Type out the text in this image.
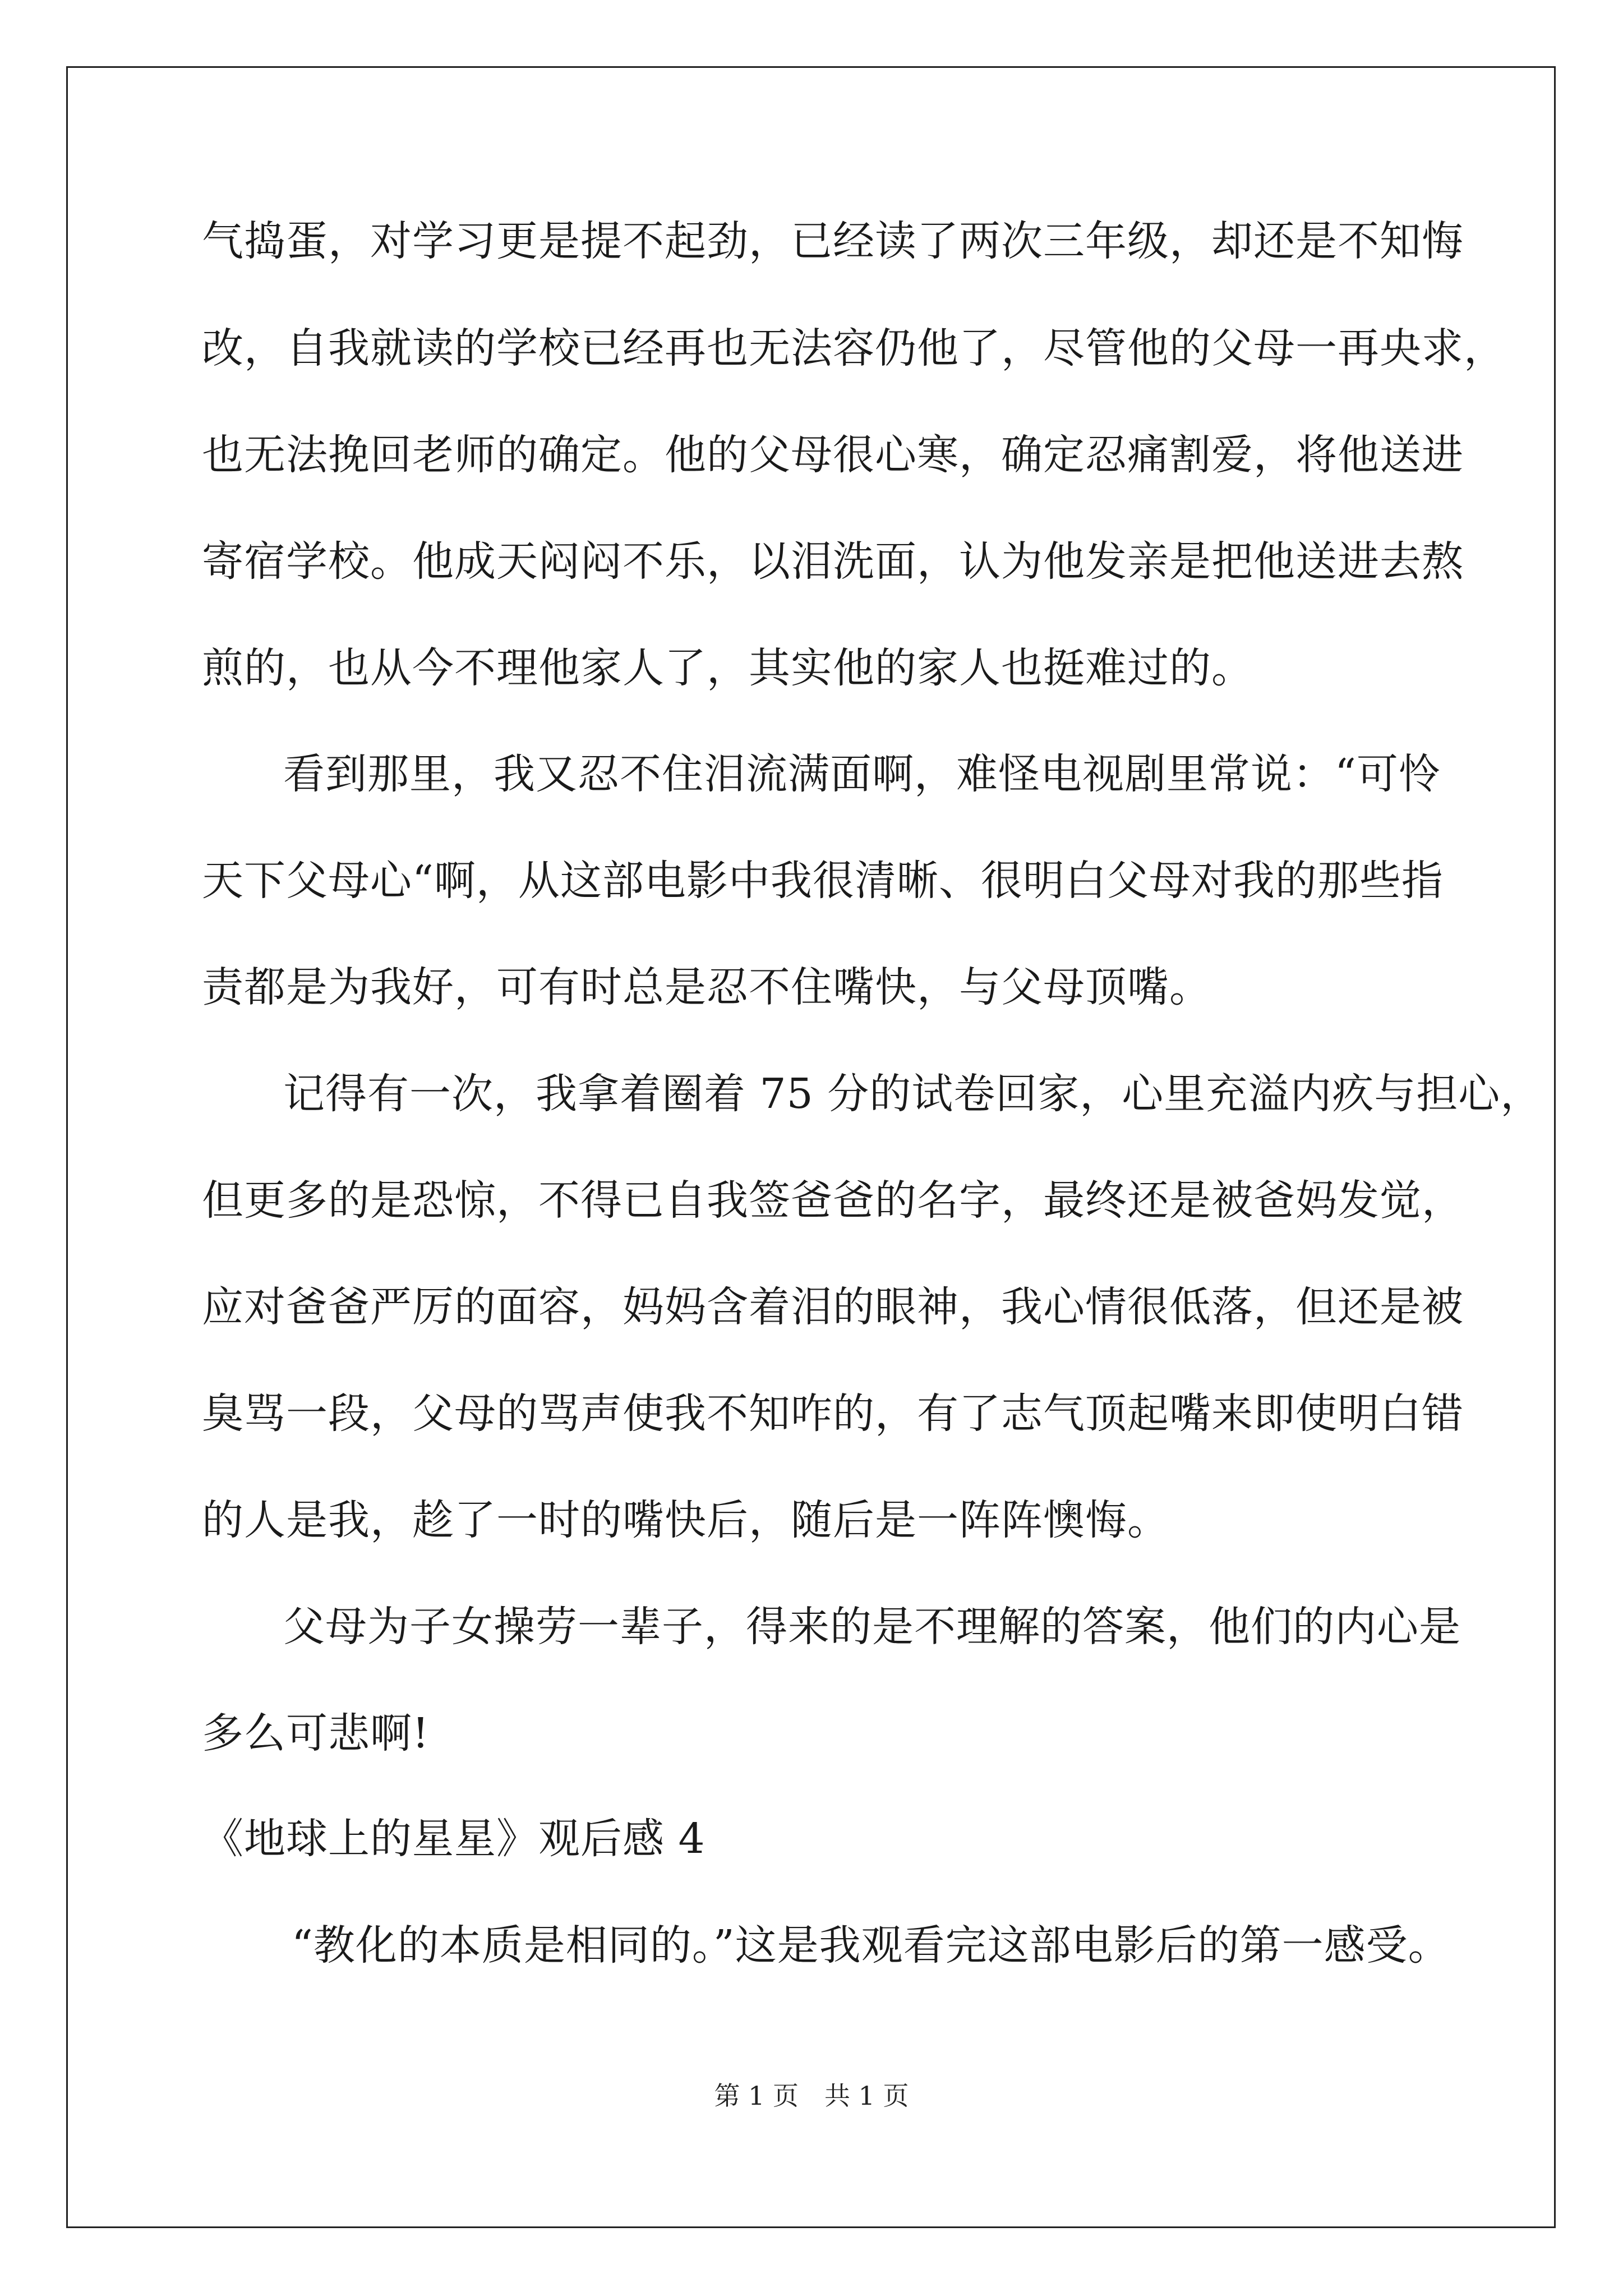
气捣蛋，对学习更是提不起劲，已经读了两次三年级，却还是不知悔
改，自我就读的学校已经再也无法容仍他了，尽管他的父母一再央求，
也无法挽回老师的确定。他的父母很心寒，确定忍痛割爱，将他送进
寄宿学校。他成天闷闷不乐，以泪洗面，认为他发亲是把他送进去熬
煎的，也从今不理他家人了，其实他的家人也挺难过的。
看到那里，我又忍不住泪流满面啊，难怪电视剧里常说：“可怜
天下父母心“啊，从这部电影中我很清晰、很明白父母对我的那些指
责都是为我好，可有时总是忍不住嘴快，与父母顶嘴。
记得有一次，我拿着圈着 75 分的试卷回家，心里充溢内疚与担心，
但更多的是恐惊，不得已自我签爸爸的名字，最终还是被爸妈发觉，
应对爸爸严厉的面容，妈妈含着泪的眼神，我心情很低落，但还是被
臭骂一段，父母的骂声使我不知咋的，有了志气顶起嘴来即使明白错
的人是我，趁了一时的嘴快后，随后是一阵阵懊悔。
父母为子女操劳一辈子，得来的是不理解的答案，他们的内心是
多么可悲啊!
《地球上的星星》观后感 4
“教化的本质是相同的。”这是我观看完这部电影后的第一感受。
第 1 页　共 1 页
